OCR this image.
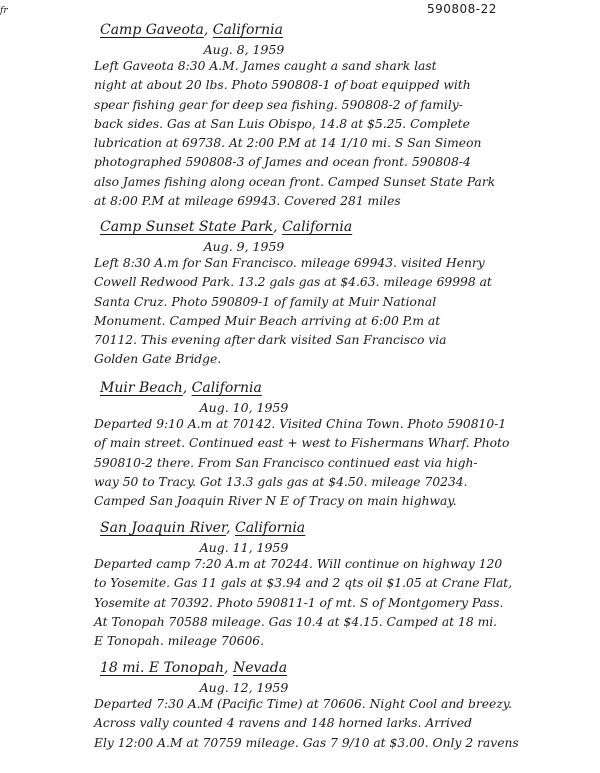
fr	590808-22
Camp Gaveota, California
Aug. 8, 1959
Left Gaveota 8:30 A.M. James caught a sand shark last
night at about 20 lbs. Photo 590808-1 of boat equipped with
spear fishing gear for deep sea fishing. 590808-2 of family-
back sides. Gas at San Luis Obispo, 14.8 at $5.25. Complete
lubrication at 69738. At 2:00 P.M at 14 1/10 mi. S San Simeon
photographed 590808-3 of James and ocean front. 590808-4
also James fishing along ocean front. Camped Sunset State Park
at 8:00 P.M at mileage 69943. Covered 281 miles
Camp Sunset State Park, California
Aug. 9, 1959
Left 8:30 A.m for San Francisco. mileage 69943. visited Henry
Cowell Redwood Park. 13.2 gals gas at $4.63. mileage 69998 at
Santa Cruz. Photo 590809-1 of family at Muir National
Monument. Camped Muir Beach arriving at 6:00 P.m at
70112. This evening after dark visited San Francisco via
Golden Gate Bridge.
Muir Beach, California
Aug. 10, 1959
Departed 9:10 A.m at 70142. Visited China Town. Photo 590810-1
of main street. Continued east + west to Fishermans Wharf. Photo
590810-2 there. From San Francisco continued east via high-
way 50 to Tracy. Got 13.3 gals gas at $4.50. mileage 70234.
Camped San Joaquin River N E of Tracy on main highway.
San Joaquin River, California
Aug. 11, 1959
Departed camp 7:20 A.m at 70244. Will continue on highway 120
to Yosemite. Gas 11 gals at $3.94 and 2 qts oil $1.05 at Crane Flat,
Yosemite at 70392. Photo 590811-1 of mt. S of Montgomery Pass.
At Tonopah 70588 mileage. Gas 10.4 at $4.15. Camped at 18 mi.
E Tonopah. mileage 70606.
18 mi. E Tonopah, Nevada
Aug. 12, 1959
Departed 7:30 A.M (Pacific Time) at 70606. Night Cool and breezy.
Across vally counted 4 ravens and 148 horned larks. Arrived
Ely 12:00 A.M at 70759 mileage. Gas 7 9/10 at $3.00. Only 2 ravens
